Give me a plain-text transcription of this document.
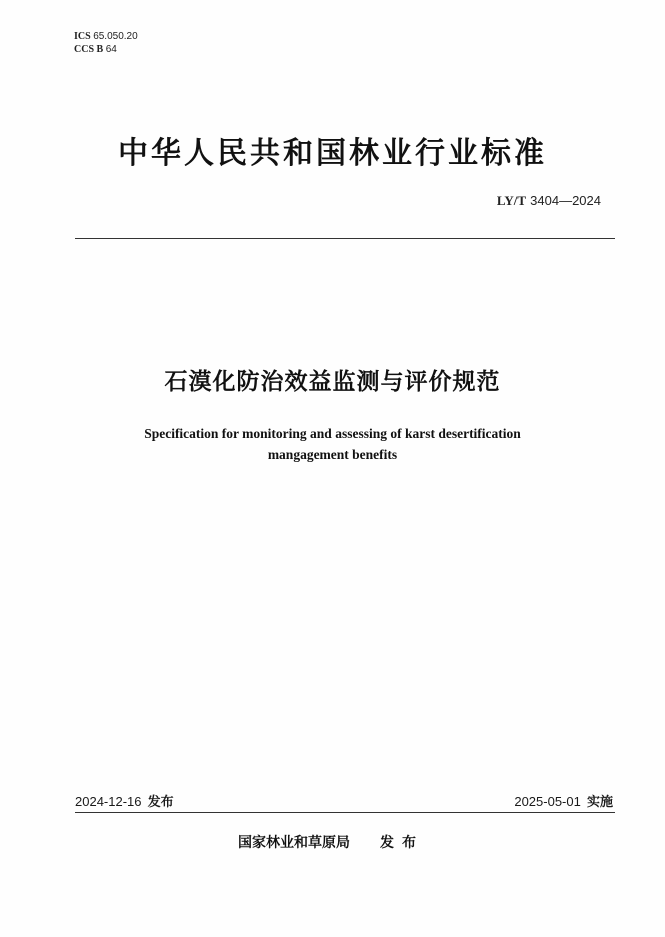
ICS 65.050.20
CCS B 64
中华人民共和国林业行业标准
LY/T 3404—2024
石漠化防治效益监测与评价规范
Specification for monitoring and assessing of karst desertification
mangagement benefits
2024-12-16 发布	2025-05-01 实施
国家林业和草原局 发布
